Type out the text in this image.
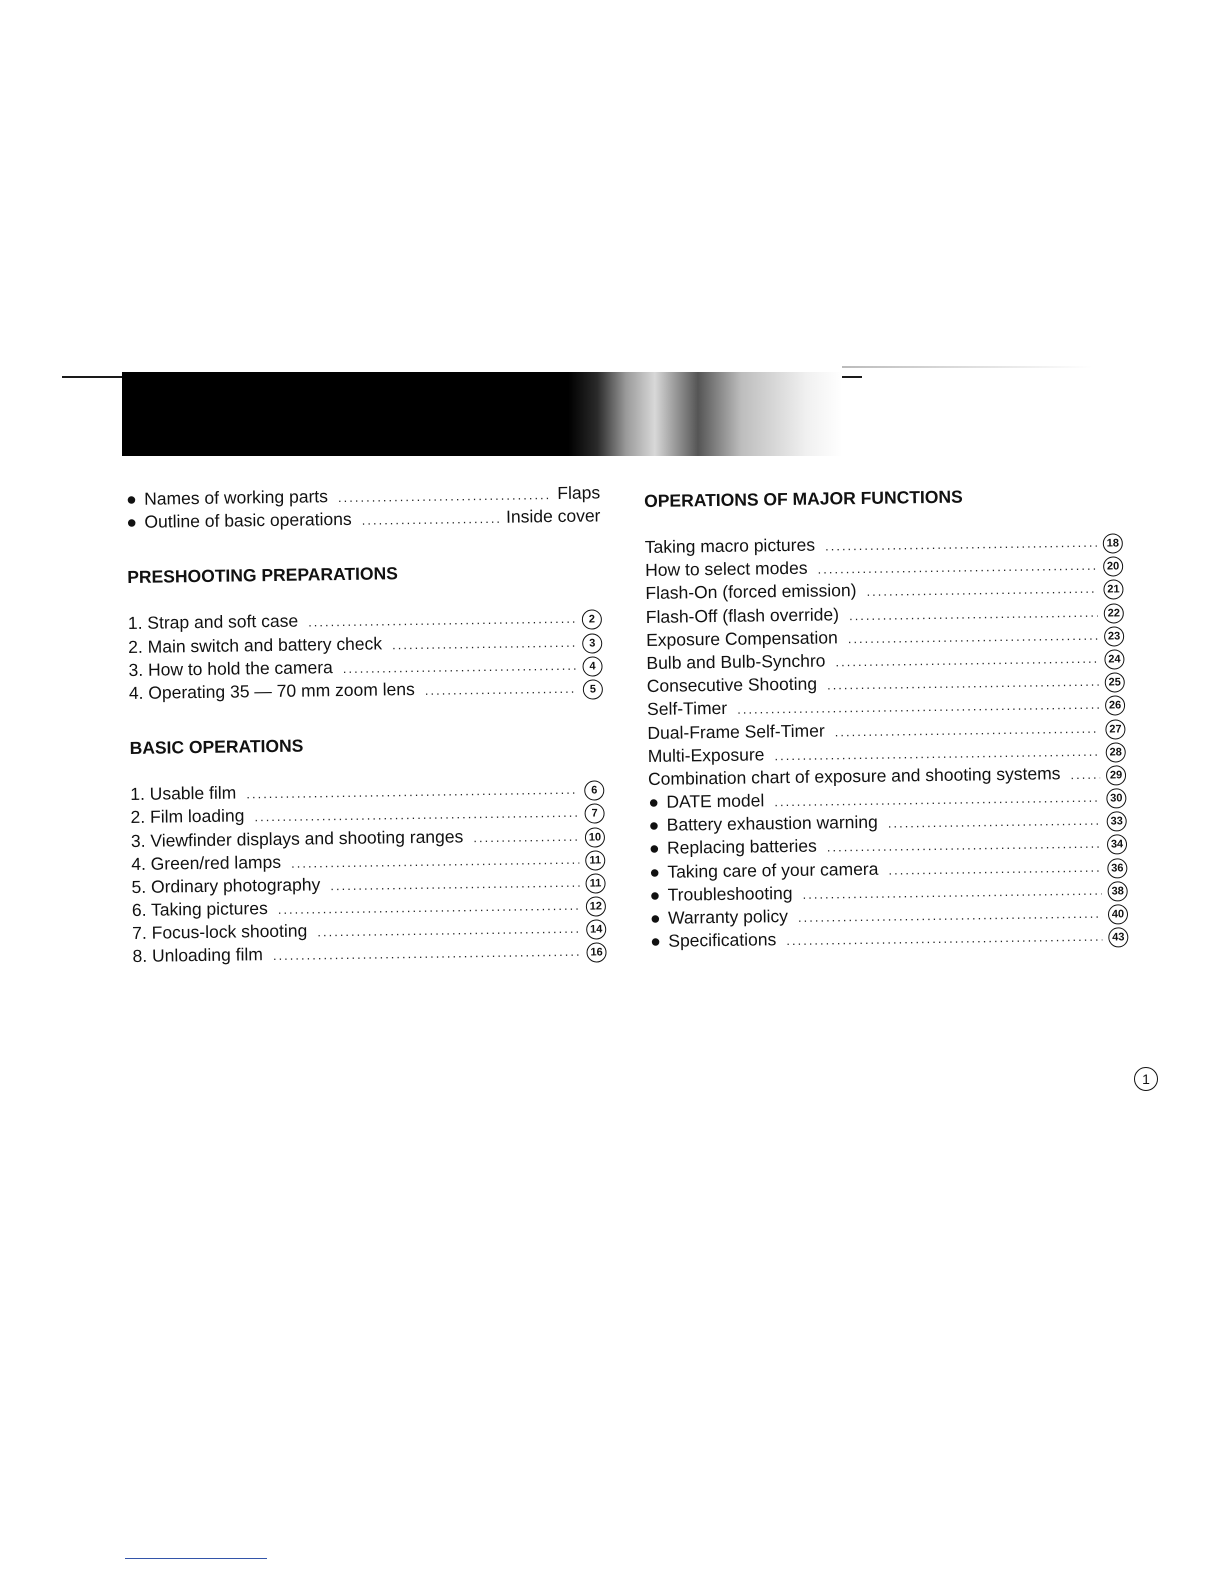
● Names of working parts .....	Flaps
● Outline of basic operations .....	Inside cover
PRESHOOTING PREPARATIONS
1. Strap and soft case .....	2
2. Main switch and battery check .....	3
3. How to hold the camera .....	4
4. Operating 35 — 70 mm zoom lens .....	5
BASIC OPERATIONS
1. Usable film .....	6
2. Film loading .....	7
3. Viewfinder displays and shooting ranges .....	10
4. Green/red lamps .....	11
5. Ordinary photography .....	11
6. Taking pictures .....	12
7. Focus-lock shooting .....	14
8. Unloading film .....	16
OPERATIONS OF MAJOR FUNCTIONS
Taking macro pictures .....	18
How to select modes .....	20
Flash-On (forced emission) .....	21
Flash-Off (flash override) .....	22
Exposure Compensation .....	23
Bulb and Bulb-Synchro .....	24
Consecutive Shooting .....	25
Self-Timer .....	26
Dual-Frame Self-Timer .....	27
Multi-Exposure .....	28
Combination chart of exposure and shooting systems .....	29
● DATE model .....	30
● Battery exhaustion warning .....	33
● Replacing batteries .....	34
● Taking care of your camera .....	36
● Troubleshooting .....	38
● Warranty policy .....	40
● Specifications .....	43
1
